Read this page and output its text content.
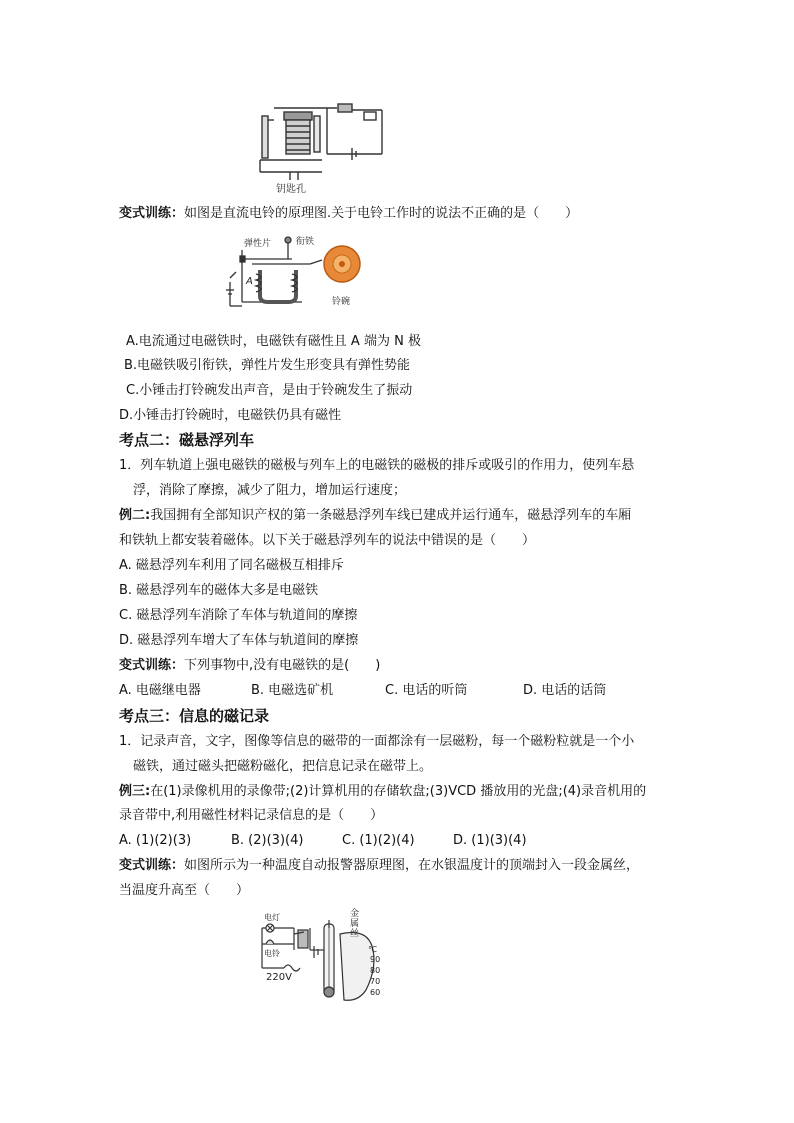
钥匙孔
变式训练：如图是直流电铃的原理图.关于电铃工作时的说法不正确的是（　　）
弹性片	衔铁
A
铃碗
A.电流通过电磁铁时，电磁铁有磁性且 A 端为 N 极
B.电磁铁吸引衔铁，弹性片发生形变具有弹性势能
C.小锤击打铃碗发出声音，是由于铃碗发生了振动
D.小锤击打铃碗时，电磁铁仍具有磁性
考点二：磁悬浮列车
1．列车轨道上强电磁铁的磁极与列车上的电磁铁的磁极的排斥或吸引的作用力，使列车悬
浮，消除了摩擦，减少了阻力，增加运行速度；
例二:我国拥有全部知识产权的第一条磁悬浮列车线已建成并运行通车，磁悬浮列车的车厢
和铁轨上都安装着磁体。以下关于磁悬浮列车的说法中错误的是（　　）
A. 磁悬浮列车利用了同名磁极互相排斥
B. 磁悬浮列车的磁体大多是电磁铁
C. 磁悬浮列车消除了车体与轨道间的摩擦
D. 磁悬浮列车增大了车体与轨道间的摩擦
变式训练：下列事物中,没有电磁铁的是(　　)
A. 电磁继电器	B. 电磁选矿机	C. 电话的听筒	D. 电话的话筒
考点三：信息的磁记录
1．记录声音，文字，图像等信息的磁带的一面都涂有一层磁粉，每一个磁粉粒就是一个小
磁铁，通过磁头把磁粉磁化，把信息记录在磁带上。
例三:在(1)录像机用的录像带;(2)计算机用的存储软盘;(3)VCD 播放用的光盘;(4)录音机用的
录音带中,利用磁性材料记录信息的是（　　）
A. (1)(2)(3)	B. (2)(3)(4)	C. (1)(2)(4)	D. (1)(3)(4)
变式训练：如图所示为一种温度自动报警器原理图，在水银温度计的顶端封入一段金属丝，
当温度升高至（　　）
电灯
电铃
220V
金
属
丝
℃
90
80
70
60
